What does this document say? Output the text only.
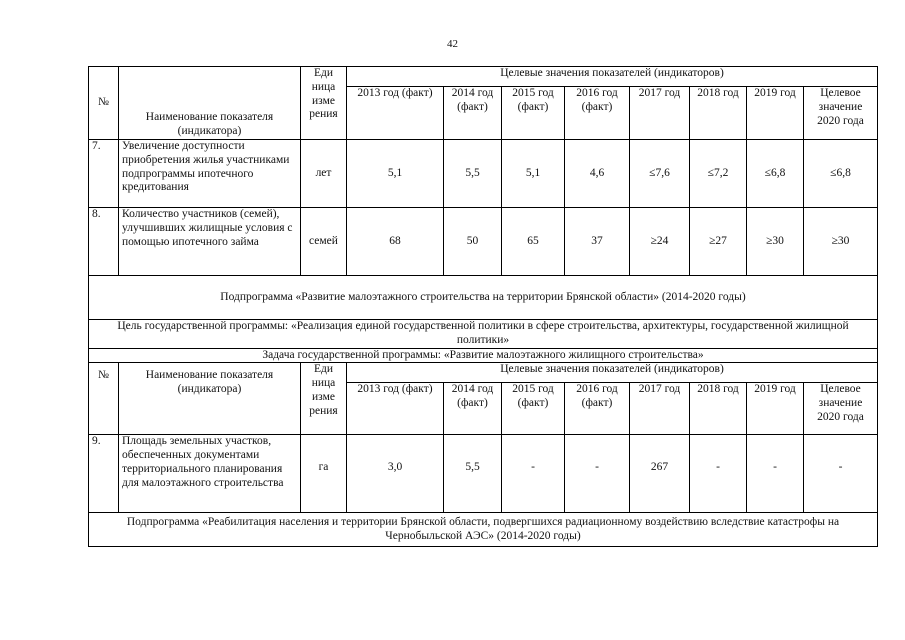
42
№	Наименование показателя (индикатора)	Еди ница изме рения	Целевые значения показателей (индикаторов)							
			2013 год (факт)	2014 год (факт)	2015 год (факт)	2016 год (факт)	2017 год	2018 год	2019 год	Целевое значение 2020 года
7.	Увеличение доступности приобретения жилья участниками подпрограммы ипотечного кредитования	лет	5,1	5,5	5,1	4,6	≤7,6	≤7,2	≤6,8	≤6,8
8.	Количество участников (семей), улучшивших жилищные условия с помощью ипотечного займа	семей	68	50	65	37	≥24	≥27	≥30	≥30
Подпрограмма «Развитие малоэтажного строительства на территории Брянской области» (2014-2020 годы)										
Цель государственной программы: «Реализация единой государственной политики в сфере строительства, архитектуры, государственной жилищной политики»										
Задача государственной программы: «Развитие малоэтажного жилищного строительства»										
№	Наименование показателя (индикатора)	Еди ница изме рения	Целевые значения показателей (индикаторов)							
			2013 год (факт)	2014 год (факт)	2015 год (факт)	2016 год (факт)	2017 год	2018 год	2019 год	Целевое значение 2020 года
9.	Площадь земельных участков, обеспеченных документами территориального планирования для малоэтажного строительства	га	3,0	5,5	-	-	267	-	-	-
Подпрограмма «Реабилитация населения и территории Брянской области, подвергшихся радиационному воздействию вследствие катастрофы на Чернобыльской АЭС» (2014-2020 годы)										
